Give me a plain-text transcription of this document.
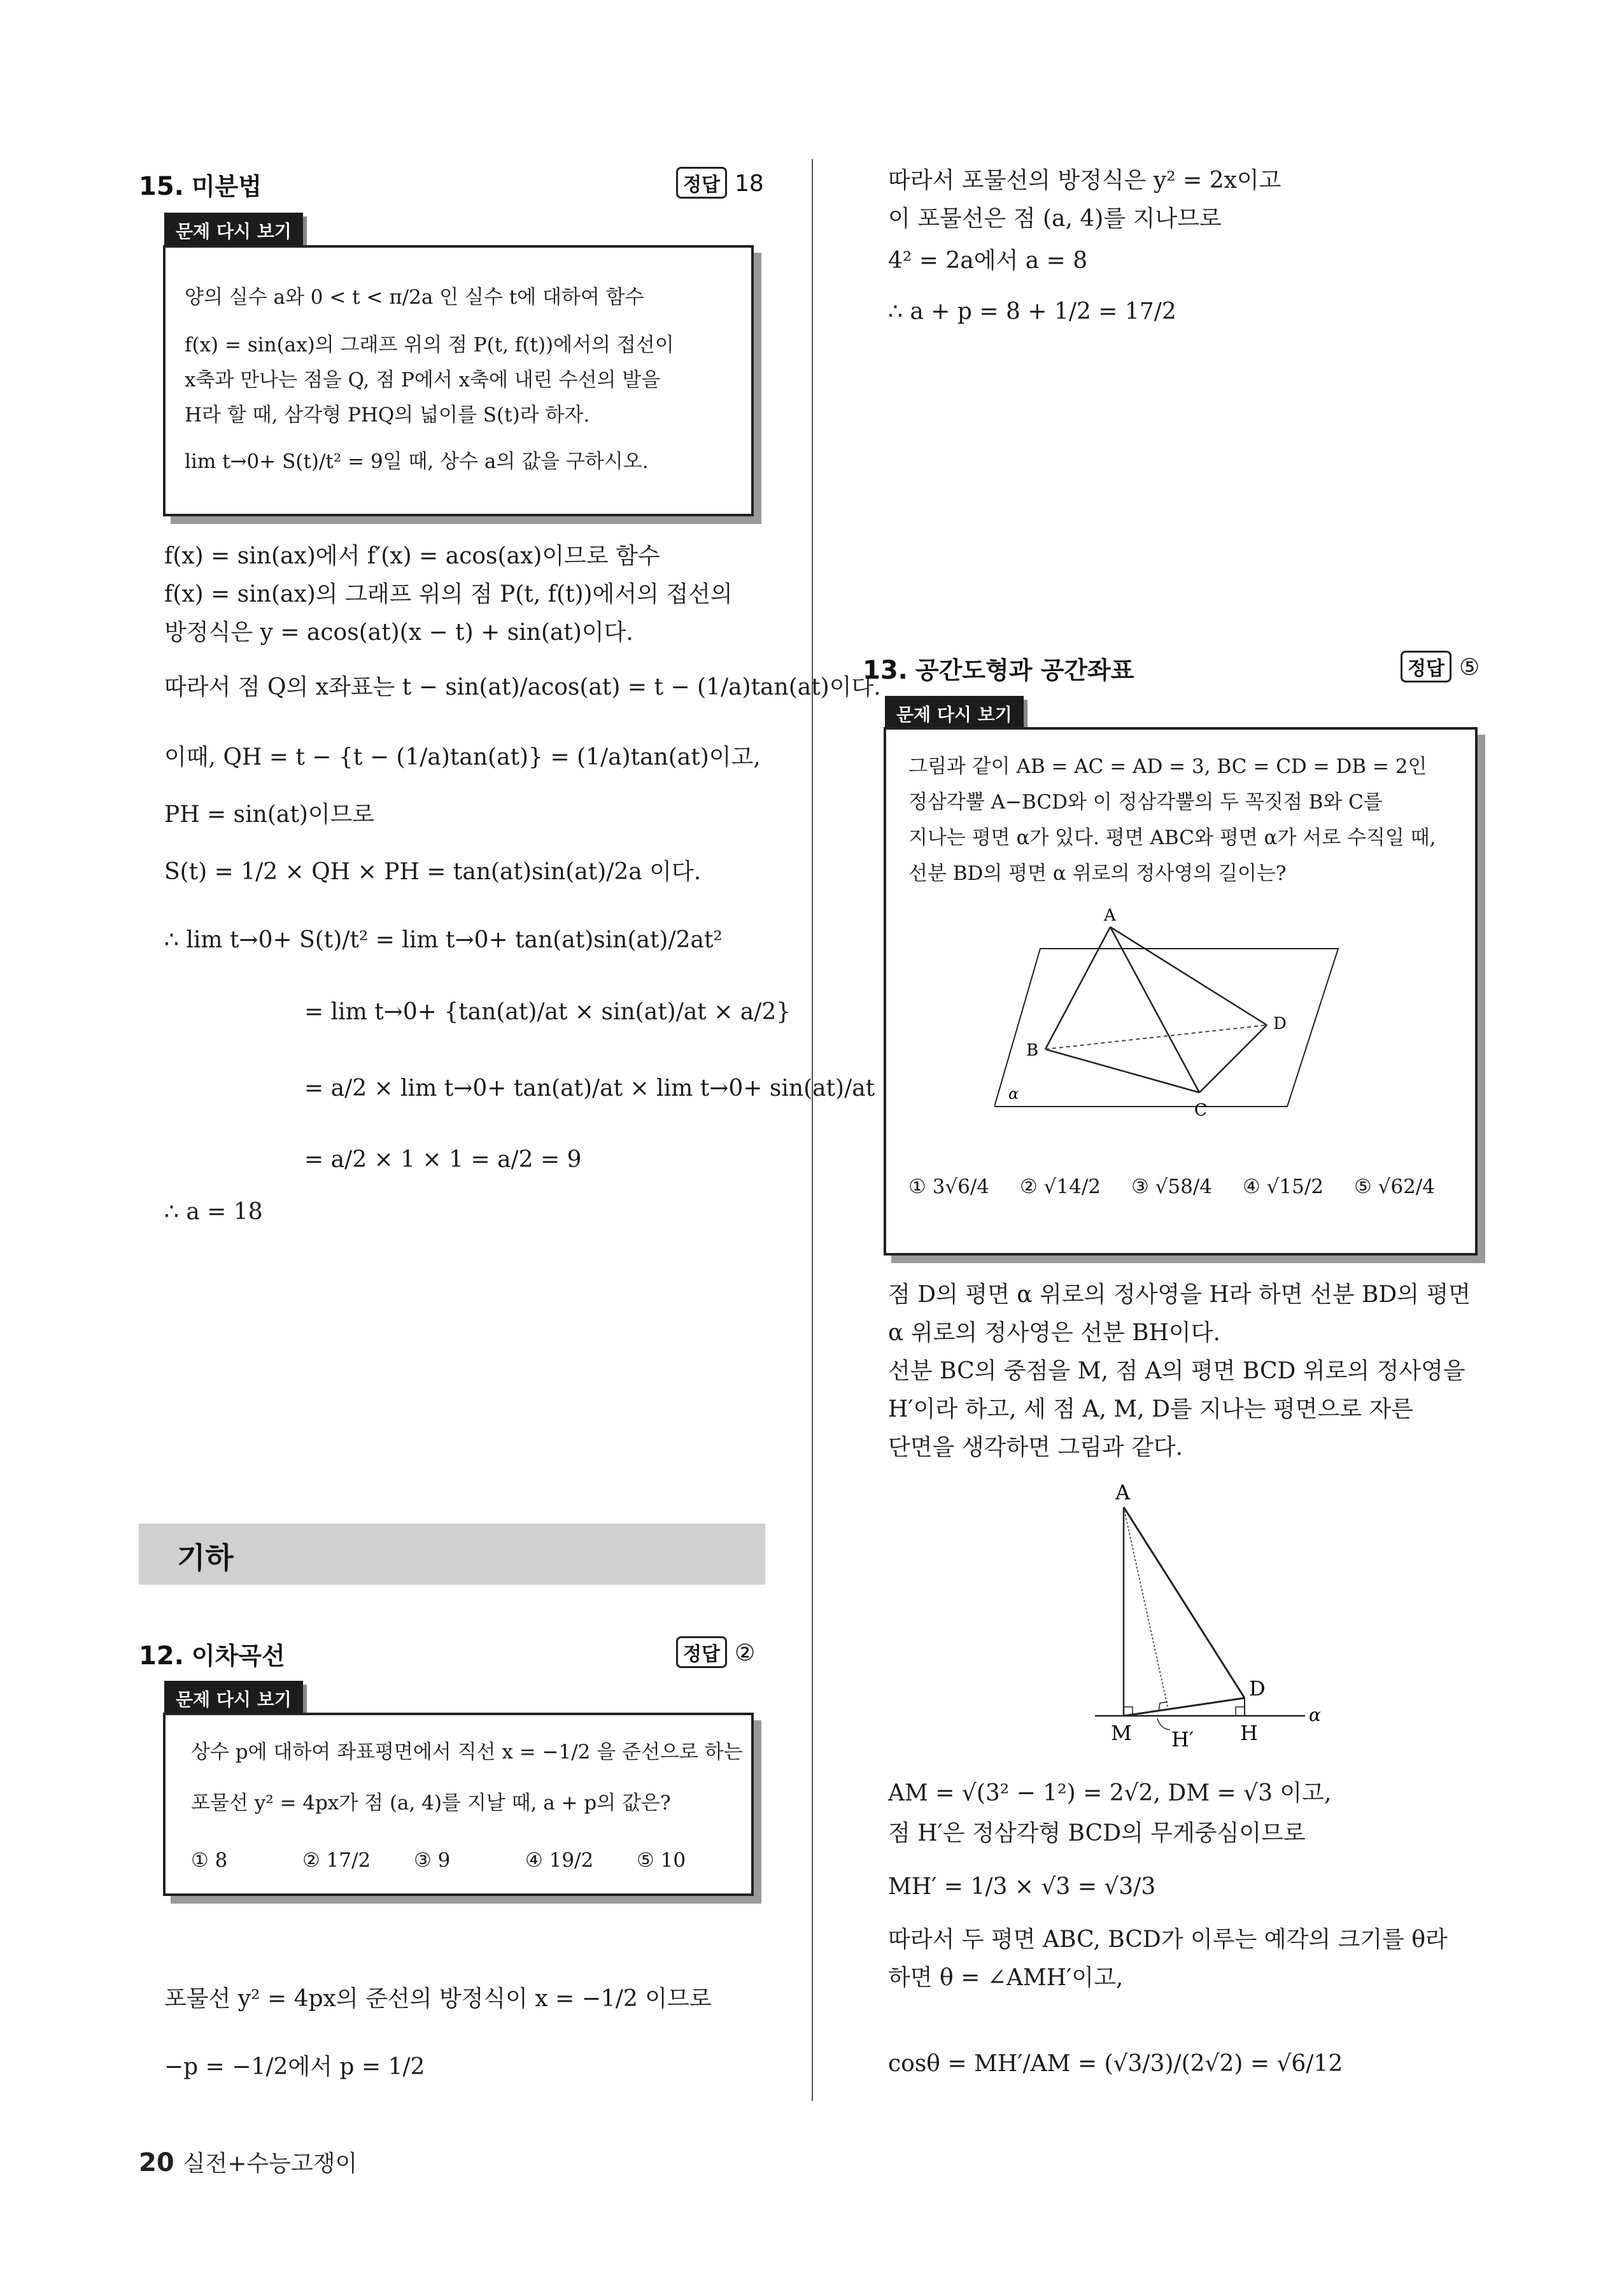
15. 미분법	정답 18
문제 다시 보기
양의 실수 a와 0 < t < π/2a 인 실수 t에 대하여 함수
f(x) = sin(ax)의 그래프 위의 점 P(t, f(t))에서의 접선이
x축과 만나는 점을 Q, 점 P에서 x축에 내린 수선의 발을
H라 할 때, 삼각형 PHQ의 넓이를 S(t)라 하자.
lim t→0+ S(t)/t² = 9일 때, 상수 a의 값을 구하시오.
f(x) = sin(ax)에서 f′(x) = acos(ax)이므로 함수
f(x) = sin(ax)의 그래프 위의 점 P(t, f(t))에서의 접선의
방정식은 y = acos(at)(x − t) + sin(at)이다.
따라서 점 Q의 x좌표는 t − sin(at)/acos(at) = t − (1/a)tan(at)이다.
이때, QH = t − {t − (1/a)tan(at)} = (1/a)tan(at)이고,
PH = sin(at)이므로
S(t) = 1/2 × QH × PH = tan(at)sin(at)/2a 이다.
∴ lim t→0+ S(t)/t² = lim t→0+ tan(at)sin(at)/2at²
= lim t→0+ {tan(at)/at × sin(at)/at × a/2}
= a/2 × lim t→0+ tan(at)/at × lim t→0+ sin(at)/at
= a/2 × 1 × 1 = a/2 = 9
∴ a = 18
기하
12. 이차곡선	정답 ②
문제 다시 보기
상수 p에 대하여 좌표평면에서 직선 x = −1/2 을 준선으로 하는
포물선 y² = 4px가 점 (a, 4)를 지날 때, a + p의 값은?
① 8	② 17/2 ③ 9	④ 19/2 ⑤ 10
포물선 y² = 4px의 준선의 방정식이 x = −1/2 이므로
−p = −1/2에서 p = 1/2
따라서 포물선의 방정식은 y² = 2x이고
이 포물선은 점 (a, 4)를 지나므로
4² = 2a에서 a = 8
∴ a + p = 8 + 1/2 = 17/2
13. 공간도형과 공간좌표	정답 ⑤
문제 다시 보기
그림과 같이 AB = AC = AD = 3, BC = CD = DB = 2인
정삼각뿔 A−BCD와 이 정삼각뿔의 두 꼭짓점 B와 C를
지나는 평면 α가 있다. 평면 ABC와 평면 α가 서로 수직일 때,
선분 BD의 평면 α 위로의 정사영의 길이는?
A
B
C
D
α
① 3√6/4 ② √14/2 ③ √58/4 ④ √15/2 ⑤ √62/4
점 D의 평면 α 위로의 정사영을 H라 하면 선분 BD의 평면
α 위로의 정사영은 선분 BH이다.
선분 BC의 중점을 M, 점 A의 평면 BCD 위로의 정사영을
H′이라 하고, 세 점 A, M, D를 지나는 평면으로 자른
단면을 생각하면 그림과 같다.
A
M H′ H
D
α
AM = √(3² − 1²) = 2√2, DM = √3 이고,
점 H′은 정삼각형 BCD의 무게중심이므로
MH′ = 1/3 × √3 = √3/3
따라서 두 평면 ABC, BCD가 이루는 예각의 크기를 θ라
하면 θ = ∠AMH′이고,
cosθ = MH′/AM = (√3/3)/(2√2) = √6/12
20 실전+수능고쟁이
